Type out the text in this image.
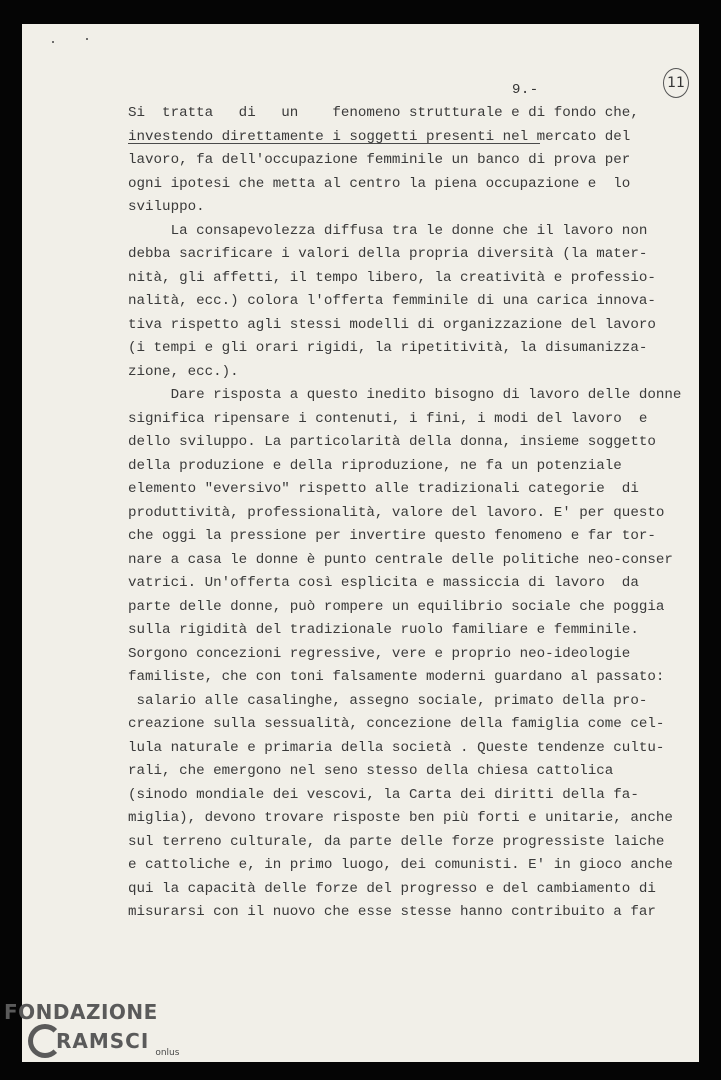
9.-	11
Si  tratta   di   un    fenomeno strutturale e di fondo che,
investendo direttamente i soggetti presenti nel mercato del
lavoro, fa dell'occupazione femminile un banco di prova per
ogni ipotesi che metta al centro la piena occupazione e  lo
sviluppo.
La consapevolezza diffusa tra le donne che il lavoro non
debba sacrificare i valori della propria diversità (la mater-
nità, gli affetti, il tempo libero, la creatività e professio-
nalità, ecc.) colora l'offerta femminile di una carica innova-
tiva rispetto agli stessi modelli di organizzazione del lavoro
(i tempi e gli orari rigidi, la ripetitività, la disumanizza-
zione, ecc.).
Dare risposta a questo inedito bisogno di lavoro delle donne
significa ripensare i contenuti, i fini, i modi del lavoro  e
dello sviluppo. La particolarità della donna, insieme soggetto
della produzione e della riproduzione, ne fa un potenziale
elemento "eversivo" rispetto alle tradizionali categorie  di
produttività, professionalità, valore del lavoro. E' per questo
che oggi la pressione per invertire questo fenomeno e far tor-
nare a casa le donne è punto centrale delle politiche neo-conser
vatrici. Un'offerta così esplicita e massiccia di lavoro  da
parte delle donne, può rompere un equilibrio sociale che poggia
sulla rigidità del tradizionale ruolo familiare e femminile.
Sorgono concezioni regressive, vere e proprio neo-ideologie
familiste, che con toni falsamente moderni guardano al passato:
salario alle casalinghe, assegno sociale, primato della pro-
creazione sulla sessualità, concezione della famiglia come cel-
lula naturale e primaria della società . Queste tendenze cultu-
rali, che emergono nel seno stesso della chiesa cattolica
(sinodo mondiale dei vescovi, la Carta dei diritti della fa-
miglia), devono trovare risposte ben più forti e unitarie, anche
sul terreno culturale, da parte delle forze progressiste laiche
e cattoliche e, in primo luogo, dei comunisti. E' in gioco anche
qui la capacità delle forze del progresso e del cambiamento di
misurarsi con il nuovo che esse stesse hanno contribuito a far
FONDAZIONE
RAMSCI onlus
